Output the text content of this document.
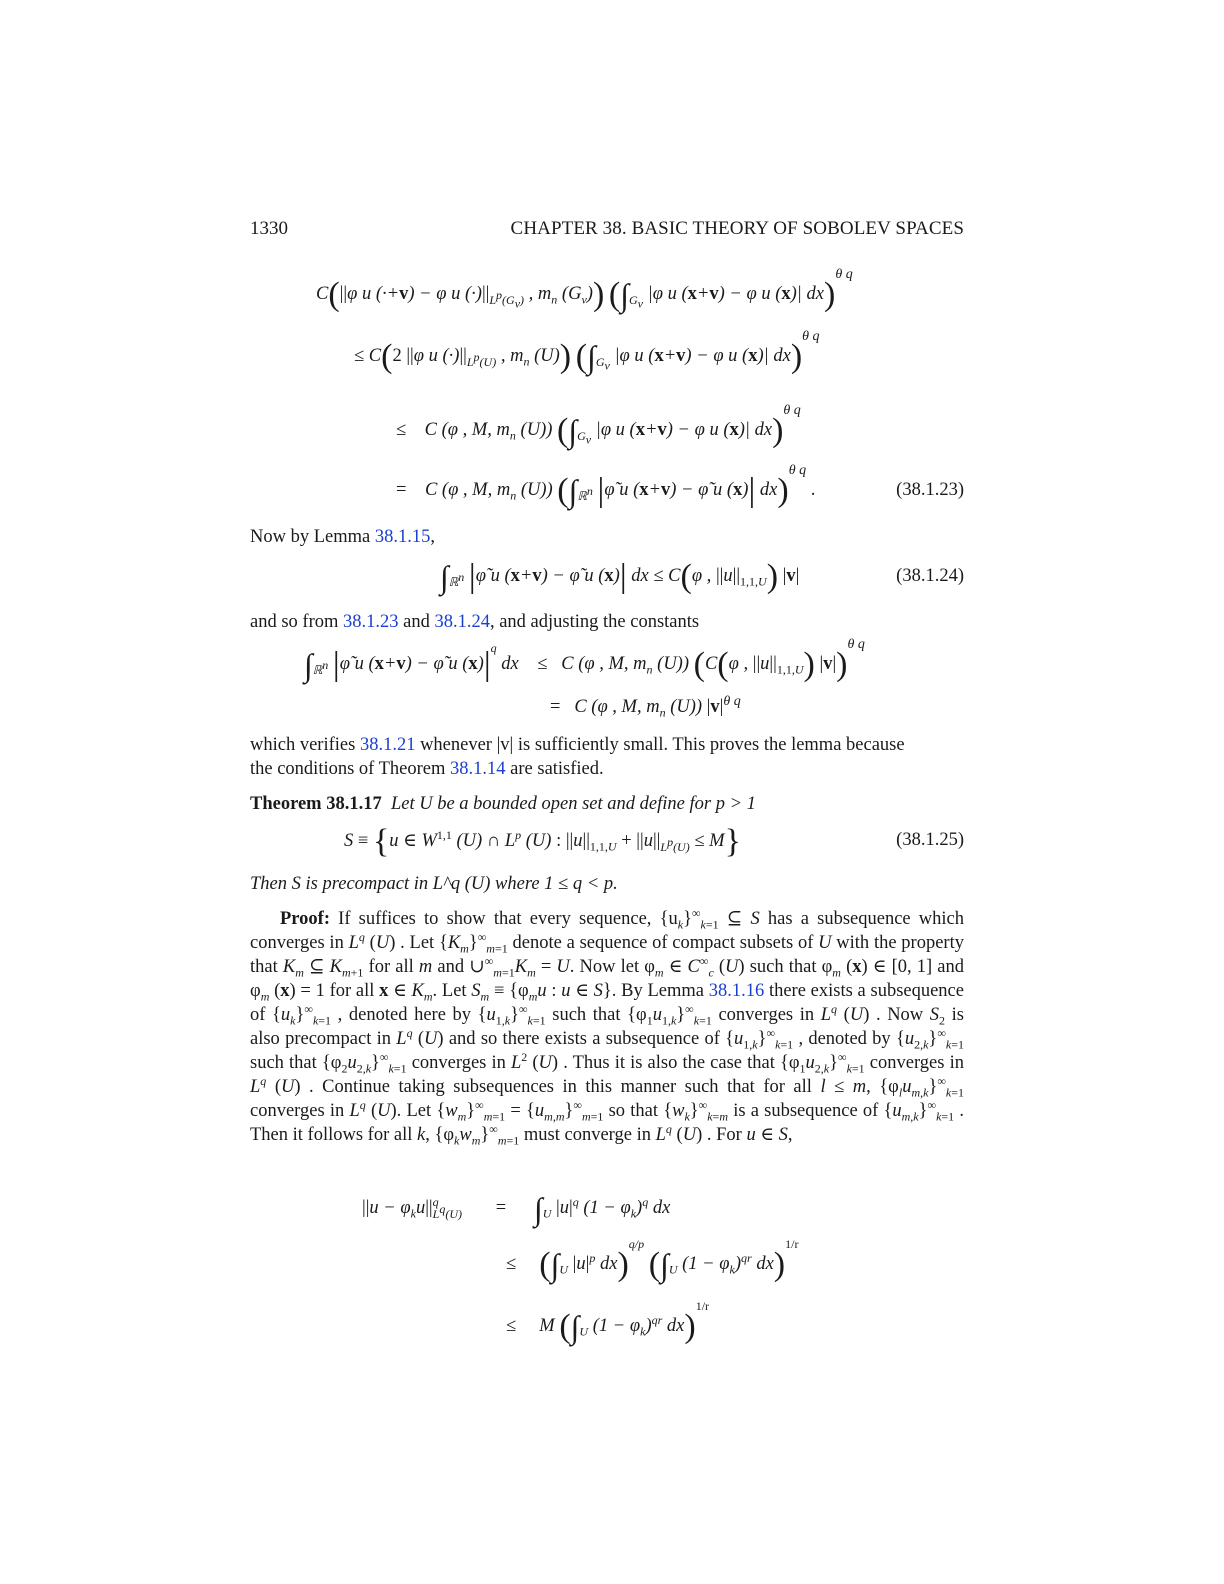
1330	CHAPTER 38. BASIC THEORY OF SOBOLEV SPACES
C(||φ u (·+v) − φ u $(\cdot)||_{L^p(G_v)}$ , $m_n$ $(G_v)$) ($\int_{G_v}$ |φ u (x+v) − φ u (x)| dx)$^{\theta q}$
≤ C(2 ||φ u $(\cdot)||_{L^p(U)}$ , $m_n$ (U)) ($\int_{G_v}$ |φ u (x+v) − φ u (x)| dx)$^{\theta q}$
≤    C (φ , M, $m_n$ (U)) ($\int_{G_v}$ |φ u (x+v) − φ u (x)| dx)$^{\theta q}$
=    C (φ , M, $m_n$ (U)) ($\int_{ℝ^n}$ |φ̃ u (x+v) − φ̃ u (x)| dx)$^{\theta q}$ .	(38.1.23)
Now by Lemma 38.1.15,
$\int_{ℝ^n}$ |φ̃ u (x+v) − φ̃ u (x)| dx ≤ C(φ , $||u||_{1,1,U}$) |v|	(38.1.24)
and so from 38.1.23 and 38.1.24, and adjusting the constants
$\int_{ℝ^n}$ |φ̃ u (x+v) − φ̃ u $(x)|^q$ dx    ≤   C (φ , M, $m_n$ (U)) (C(φ , $||u||_{1,1,U}$) |v|)$^{\theta q}$
=   C (φ , M, $m_n$ (U)) $|v|^{\theta q}$
which verifies 38.1.21 whenever |v| is sufficiently small. This proves the lemma because
the conditions of Theorem 38.1.14 are satisfied.
Theorem 38.1.17 Let U be a bounded open set and define for p > 1
S ≡ {u ∈ W$^{1,1}$ (U) ∩ $L^p$ (U) : $||u||_{1,1,U} + ||u||_{L^p(U)} \le M$}	(38.1.25)
Then S is precompact in L^q (U) where 1 ≤ q < p.
Proof: If suffices to show that every sequence, $\{u_k\}^\infty_{k=1}$ ⊆ S has a subsequence which converges in $L^q$ (U) . Let $\{K_m\}^\infty_{m=1}$ denote a sequence of compact subsets of U with the property that $K_m$ ⊆ $K_{m+1}$ for all m and $\cup^\infty_{m=1}K_m = U$. Now let $\varphi_m$ ∈ $C^\infty_c$ (U) such that $\varphi_m$ (x) ∈ [0, 1] and $\varphi_m$ (x) = 1 for all x ∈ $K_m$. Let $S_m \equiv \{\varphi_mu$ : u ∈ S}. By Lemma 38.1.16 there exists a subsequence of $\{u_k\}^\infty_{k=1}$ , denoted here by $\{u_{1,k}\}^\infty_{k=1}$ such that $\{\varphi_1u_{1,k}\}^\infty_{k=1}$ converges in $L^q$ (U) . Now $S_2$ is also precompact in $L^q$ (U) and so there exists a subsequence of $\{u_{1,k}\}^\infty_{k=1}$ , denoted by $\{u_{2,k}\}^\infty_{k=1}$ such that $\{\varphi_2u_{2,k}\}^\infty_{k=1}$ converges in $L^2$ (U) . Thus it is also the case that $\{\varphi_1u_{2,k}\}^\infty_{k=1}$ converges in $L^q$ (U) . Continue taking subsequences in this manner such that for all l ≤ m, $\{\varphi_lu_{m,k}\}^\infty_{k=1}$ converges in $L^q$ (U). Let $\{w_m\}^\infty_{m=1} = \{u_{m,m}\}^\infty_{m=1}$ so that $\{w_k\}^\infty_{k=m}$ is a subsequence of $\{u_{m,k}\}^\infty_{k=1}$ . Then it follows for all k, $\{\varphi_kw_m\}^\infty_{m=1}$ must converge in $L^q$ (U) . For u ∈ S,
$||u - \varphi_ku||^q_{L^q(U)} = \int_U$ $|u|^q$ $(1 - \varphi_k)^q$ dx
≤ ($\int_U$ $|u|^p$ dx)$^{q/p}$ ($\int_U$ $(1 - \varphi_k)^{qr}$ dx)$^{1/r}$
≤     M ($\int_U$ $(1 - \varphi_k)^{qr}$ dx)$^{1/r}$
